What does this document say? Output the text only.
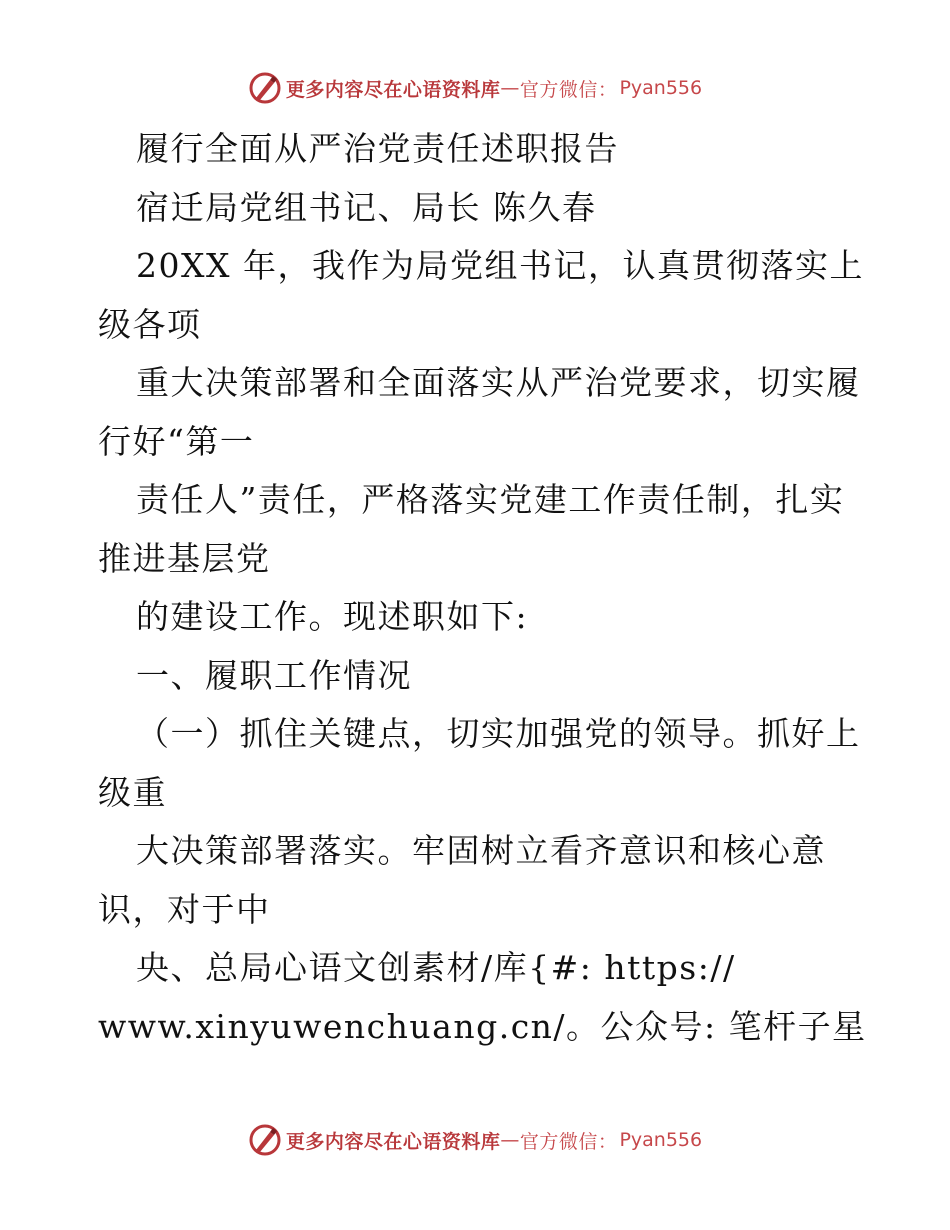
更多内容尽在心语资料库 — 官方微信： Pyan556
履行全面从严治党责任述职报告
宿迁局党组书记、局长 陈久春
20XX 年，我作为局党组书记，认真贯彻落实上
级各项
重大决策部署和全面落实从严治党要求，切实履
行好“第一
责任人”责任，严格落实党建工作责任制，扎实
推进基层党
的建设工作。现述职如下:
一、履职工作情况
（一）抓住关键点，切实加强党的领导。抓好上
级重
大决策部署落实。牢固树立看齐意识和核心意
识，对于中
央、总局心语文创素材/库{#: https://
www.xinyuwenchuang.cn/。公众号: 笔杆子星
更多内容尽在心语资料库 — 官方微信： Pyan556
